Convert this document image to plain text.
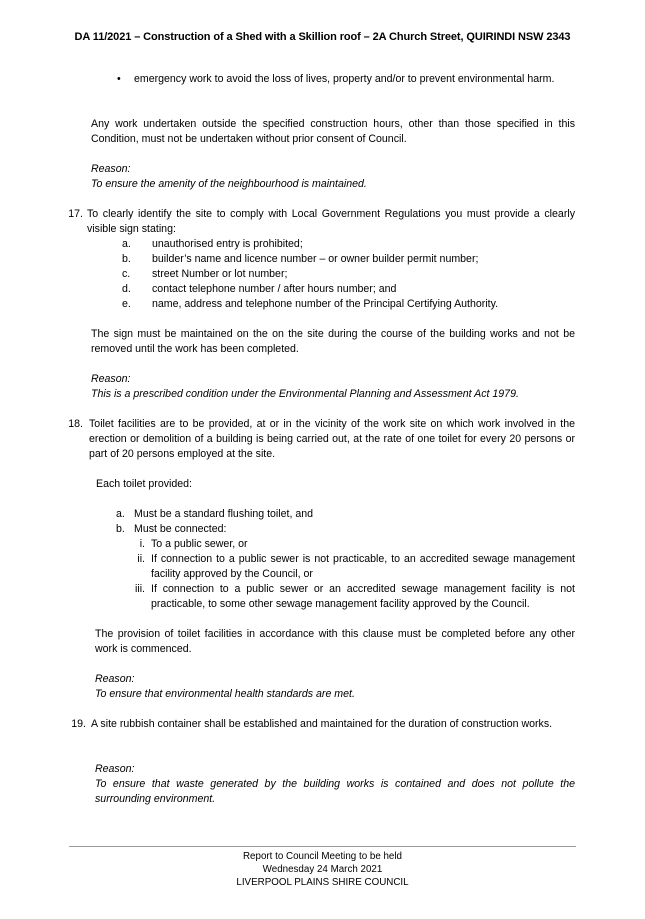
DA 11/2021 – Construction of a Shed with a Skillion roof – 2A Church Street, QUIRINDI NSW 2343
• emergency work to avoid the loss of lives, property and/or to prevent environmental harm.
Any work undertaken outside the specified construction hours, other than those specified in this Condition, must not be undertaken without prior consent of Council.
Reason:
To ensure the amenity of the neighbourhood is maintained.
17. To clearly identify the site to comply with Local Government Regulations you must provide a clearly visible sign stating:
a. unauthorised entry is prohibited;
b. builder’s name and licence number – or owner builder permit number;
c. street Number or lot number;
d. contact telephone number / after hours number; and
e. name, address and telephone number of the Principal Certifying Authority.
The sign must be maintained on the on the site during the course of the building works and not be removed until the work has been completed.
Reason:
This is a prescribed condition under the Environmental Planning and Assessment Act 1979.
18. Toilet facilities are to be provided, at or in the vicinity of the work site on which work involved in the erection or demolition of a building is being carried out, at the rate of one toilet for every 20 persons or part of 20 persons employed at the site.
Each toilet provided:
a. Must be a standard flushing toilet, and
b. Must be connected:
i. To a public sewer, or
ii. If connection to a public sewer is not practicable, to an accredited sewage management facility approved by the Council, or
iii. If connection to a public sewer or an accredited sewage management facility is not practicable, to some other sewage management facility approved by the Council.
The provision of toilet facilities in accordance with this clause must be completed before any other work is commenced.
Reason:
To ensure that environmental health standards are met.
19. A site rubbish container shall be established and maintained for the duration of construction works.
Reason:
To ensure that waste generated by the building works is contained and does not pollute the surrounding environment.
Report to Council Meeting to be held
Wednesday 24 March 2021
LIVERPOOL PLAINS SHIRE COUNCIL
